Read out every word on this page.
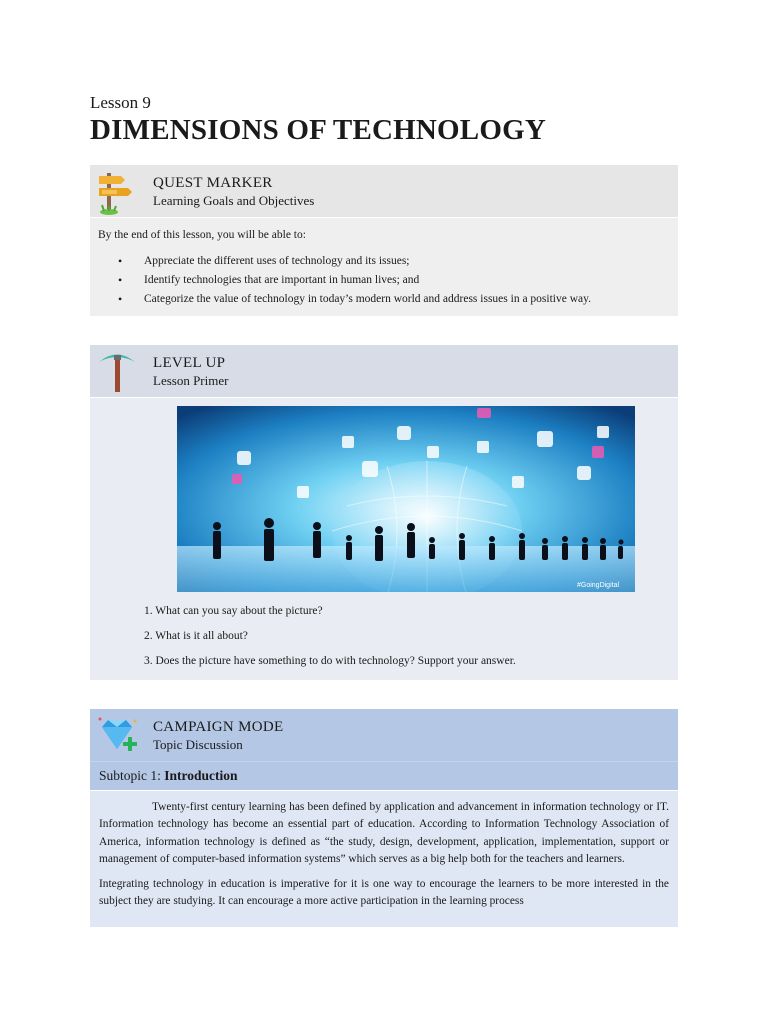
Lesson 9
DIMENSIONS OF TECHNOLOGY
QUEST MARKER
Learning Goals and Objectives
By the end of this lesson, you will be able to:
• Appreciate the different uses of technology and its issues;
• Identify technologies that are important in human lives; and
• Categorize the value of technology in today’s modern world and address issues in a positive way.
LEVEL UP
Lesson Primer
#GoingDigital
1. What can you say about the picture?
2. What is it all about?
3. Does the picture have something to do with technology? Support your answer.
CAMPAIGN MODE
Topic Discussion
Subtopic 1: Introduction

Twenty-first century learning has been defined by application and advancement in information technology or IT. Information technology has become an essential part of education. According to Information Technology Association of America, information technology is defined as “the study, design, development, application, implementation, support or management of computer-based information systems” which serves as a big help both for the teachers and learners.

Integrating technology in education is imperative for it is one way to encourage the learners to be more interested in the subject they are studying. It can encourage a more active participation in the learning process
